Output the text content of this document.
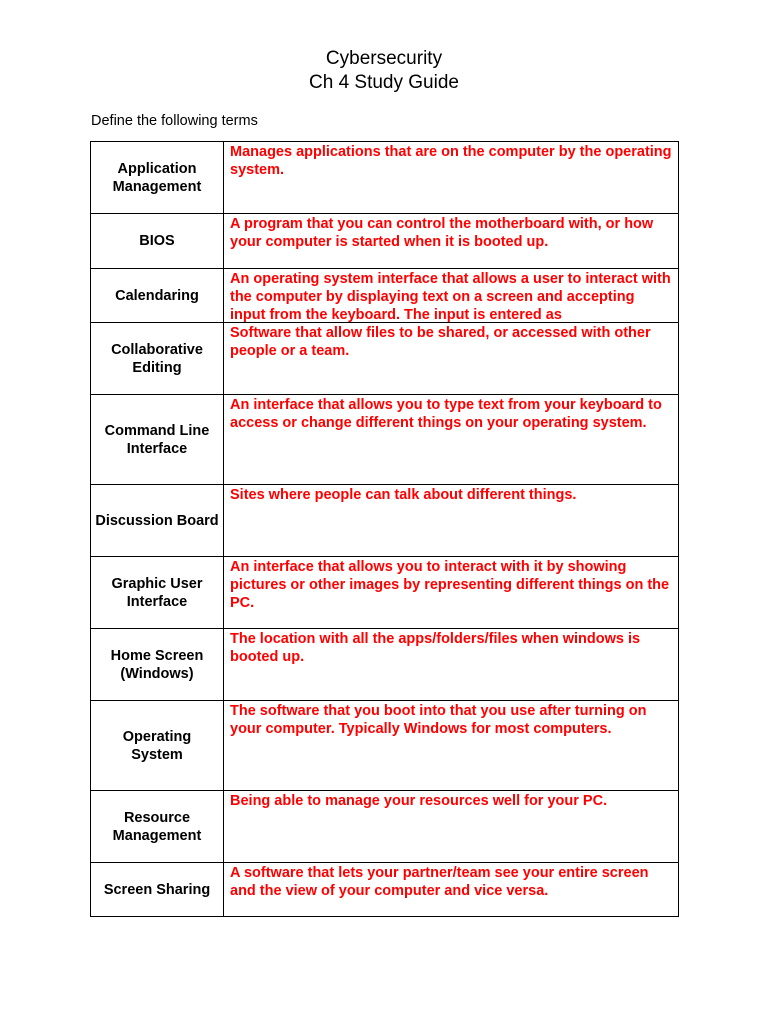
Cybersecurity
Ch 4 Study Guide
Define the following terms
Application Management	Manages applications that are on the computer by the operating system.

BIOS	A program that you can control the motherboard with, or how your computer is started when it is booted up.

Calendaring	An operating system interface that allows a user to interact with the computer by displaying text on a screen and accepting input from the keyboard. The input is entered as

Collaborative Editing	Software that allow files to be shared, or accessed with other people or a team.

Command Line Interface	An interface that allows you to type text from your keyboard to access or change different things on your operating system.

Discussion Board	Sites where people can talk about different things.

Graphic User Interface	An interface that allows you to interact with it by showing pictures or other images by representing different things on the PC.

Home Screen (Windows)	The location with all the apps/folders/files when windows is booted up.

Operating System	The software that you boot into that you use after turning on your computer. Typically Windows for most computers.

Resource Management	Being able to manage your resources well for your PC.

Screen Sharing	A software that lets your partner/team see your entire screen and the view of your computer and vice versa.
